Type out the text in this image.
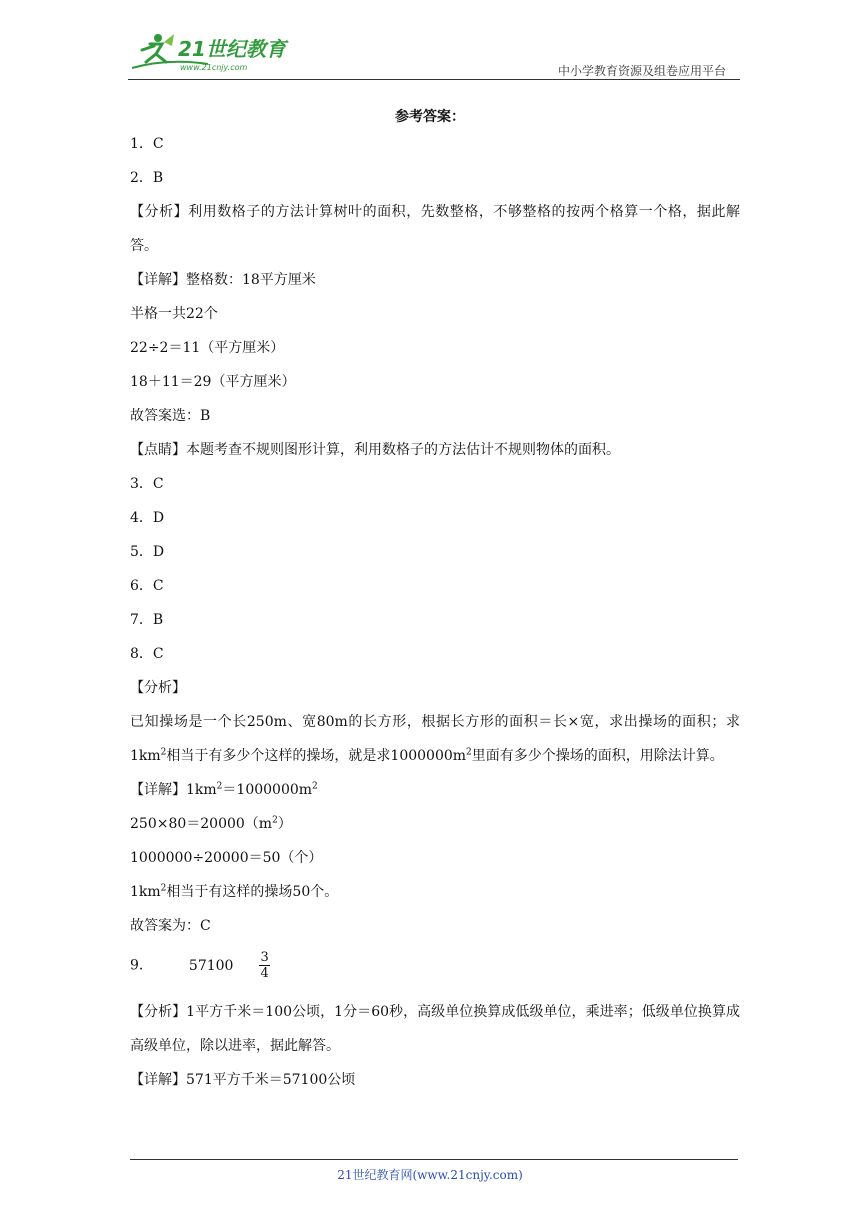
21世纪教育
www.21cnjy.com	中小学教育资源及组卷应用平台
参考答案：
1．C
2．B
【分析】利用数格子的方法计算树叶的面积，先数整格，不够整格的按两个格算一个格，据此解答。
【详解】整格数：18平方厘米
半格一共22个
22÷2＝11（平方厘米）
18＋11＝29（平方厘米）
故答案选：B
【点睛】本题考查不规则图形计算，利用数格子的方法估计不规则物体的面积。
3．C
4．D
5．D
6．C
7．B
8．C
【分析】
已知操场是一个长250m、宽80m的长方形，根据长方形的面积＝长×宽，求出操场的面积；求$1km^2$相当于有多少个这样的操场，就是求$1000000m^2$里面有多少个操场的面积，用除法计算。
【详解】$1km^2=1000000m^2$
$250\times 80=20000(m^2)$
1000000÷20000＝50（个）
$1km^2$相当于有这样的操场50个。
故答案为：C
9．	$57100 \frac{3}{4}$
【分析】1平方千米＝100公顷，1分＝60秒，高级单位换算成低级单位，乘进率；低级单位换算成高级单位，除以进率，据此解答。
【详解】571平方千米＝57100公顷
21世纪教育网(www.21cnjy.com)
